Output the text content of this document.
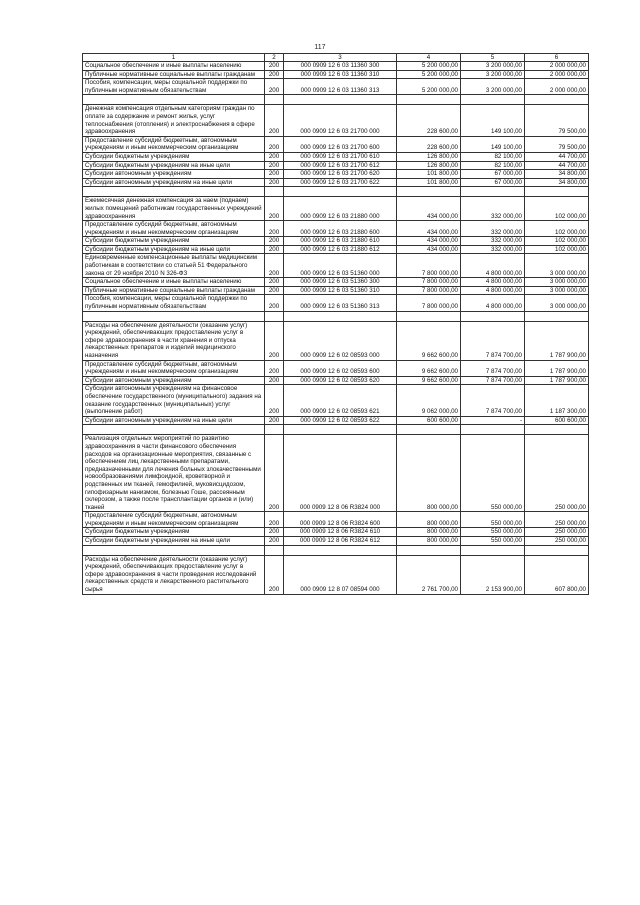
117
1	2	3	4	5	6
Социальное обеспечение и иные выплаты населению	200	000 0909 12 6 03 11360 300	5 200 000,00	3 200 000,00	2 000 000,00
Публичные нормативные социальные выплаты гражданам	200	000 0909 12 6 03 11360 310	5 200 000,00	3 200 000,00	2 000 000,00
Пособия, компенсации, меры социальной поддержки по публичным нормативным обязательствам	200	000 0909 12 6 03 11360 313	5 200 000,00	3 200 000,00	2 000 000,00

Денежная компенсация отдельным категориям граждан по оплате за содержание и ремонт жилья, услуг теплоснабжения (отопления) и электроснабжения в сфере здравоохранения	200	000 0909 12 6 03 21700 000	228 600,00	149 100,00	79 500,00
Предоставление субсидий бюджетным, автономным учреждениям и иным некоммерческим организациям	200	000 0909 12 6 03 21700 600	228 600,00	149 100,00	79 500,00
Субсидии бюджетным учреждениям	200	000 0909 12 6 03 21700 610	126 800,00	82 100,00	44 700,00
Субсидии бюджетным учреждениям на иные цели	200	000 0909 12 6 03 21700 612	126 800,00	82 100,00	44 700,00
Субсидии автономным учреждениям	200	000 0909 12 6 03 21700 620	101 800,00	67 000,00	34 800,00
Субсидии автономным учреждениям на иные цели	200	000 0909 12 6 03 21700 622	101 800,00	67 000,00	34 800,00

Ежемесячная денежная компенсация за наем (поднаем) жилых помещений работникам государственных учреждений здравоохранения	200	000 0909 12 6 03 21880 000	434 000,00	332 000,00	102 000,00
Предоставление субсидий бюджетным, автономным учреждениям и иным некоммерческим организациям	200	000 0909 12 6 03 21880 600	434 000,00	332 000,00	102 000,00
Субсидии бюджетным учреждениям	200	000 0909 12 6 03 21880 610	434 000,00	332 000,00	102 000,00
Субсидии бюджетным учреждениям на иные цели	200	000 0909 12 6 03 21880 612	434 000,00	332 000,00	102 000,00
Единовременные компенсационные выплаты медицинским работникам в соответствии со статьей 51 Федерального закона от 29 ноября 2010 N 326-ФЗ	200	000 0909 12 6 03 51360 000	7 800 000,00	4 800 000,00	3 000 000,00
Социальное обеспечение и иные выплаты населению	200	000 0909 12 6 03 51360 300	7 800 000,00	4 800 000,00	3 000 000,00
Публичные нормативные социальные выплаты гражданам	200	000 0909 12 6 03 51360 310	7 800 000,00	4 800 000,00	3 000 000,00
Пособия, компенсации, меры социальной поддержки по публичным нормативным обязательствам	200	000 0909 12 6 03 51360 313	7 800 000,00	4 800 000,00	3 000 000,00

Расходы на обеспечение деятельности (оказание услуг) учреждений, обеспечивающих предоставление услуг в сфере здравоохранения в части хранения и отпуска лекарственных препаратов и изделий медицинского назначения	200	000 0909 12 6 02 08593 000	9 662 600,00	7 874 700,00	1 787 900,00
Предоставление субсидий бюджетным, автономным учреждениям и иным некоммерческим организациям	200	000 0909 12 6 02 08593 600	9 662 600,00	7 874 700,00	1 787 900,00
Субсидии автономным учреждениям	200	000 0909 12 6 02 08593 620	9 662 600,00	7 874 700,00	1 787 900,00
Субсидии автономным учреждениям на финансовое обеспечение государственного (муниципального) задания на оказание государственных (муниципальных) услуг (выполнение работ)	200	000 0909 12 6 02 08593 621	9 062 000,00	7 874 700,00	1 187 300,00
Субсидии автономным учреждениям на иные цели	200	000 0909 12 6 02 08593 622	600 600,00	-	600 600,00

Реализация отдельных мероприятий по развитию здравоохранения в части финансового обеспечения расходов на организационные мероприятия, связанные с обеспечением лиц лекарственными препаратами, предназначенными для лечения больных злокачественными новообразованиями лимфоидной, кроветворной и родственных им тканей, гемофилией, муковисцидозом, гипофизарным нанизмом, болезнью Гоше, рассеянным склерозом, а также после трансплантации органов и (или) тканей	200	000 0909 12 8 06 R3824 000	800 000,00	550 000,00	250 000,00
Предоставление субсидий бюджетным, автономным учреждениям и иным некоммерческим организациям	200	000 0909 12 8 06 R3824 600	800 000,00	550 000,00	250 000,00
Субсидии бюджетным учреждениям	200	000 0909 12 8 06 R3824 610	800 000,00	550 000,00	250 000,00
Субсидии бюджетным учреждениям на иные цели	200	000 0909 12 8 06 R3824 612	800 000,00	550 000,00	250 000,00

Расходы на обеспечение деятельности (оказание услуг) учреждений, обеспечивающих предоставление услуг в сфере здравоохранения в части проведения исследований лекарственных средств и лекарственного растительного сырья	200	000 0909 12 8 07 08594 000	2 761 700,00	2 153 900,00	607 800,00
